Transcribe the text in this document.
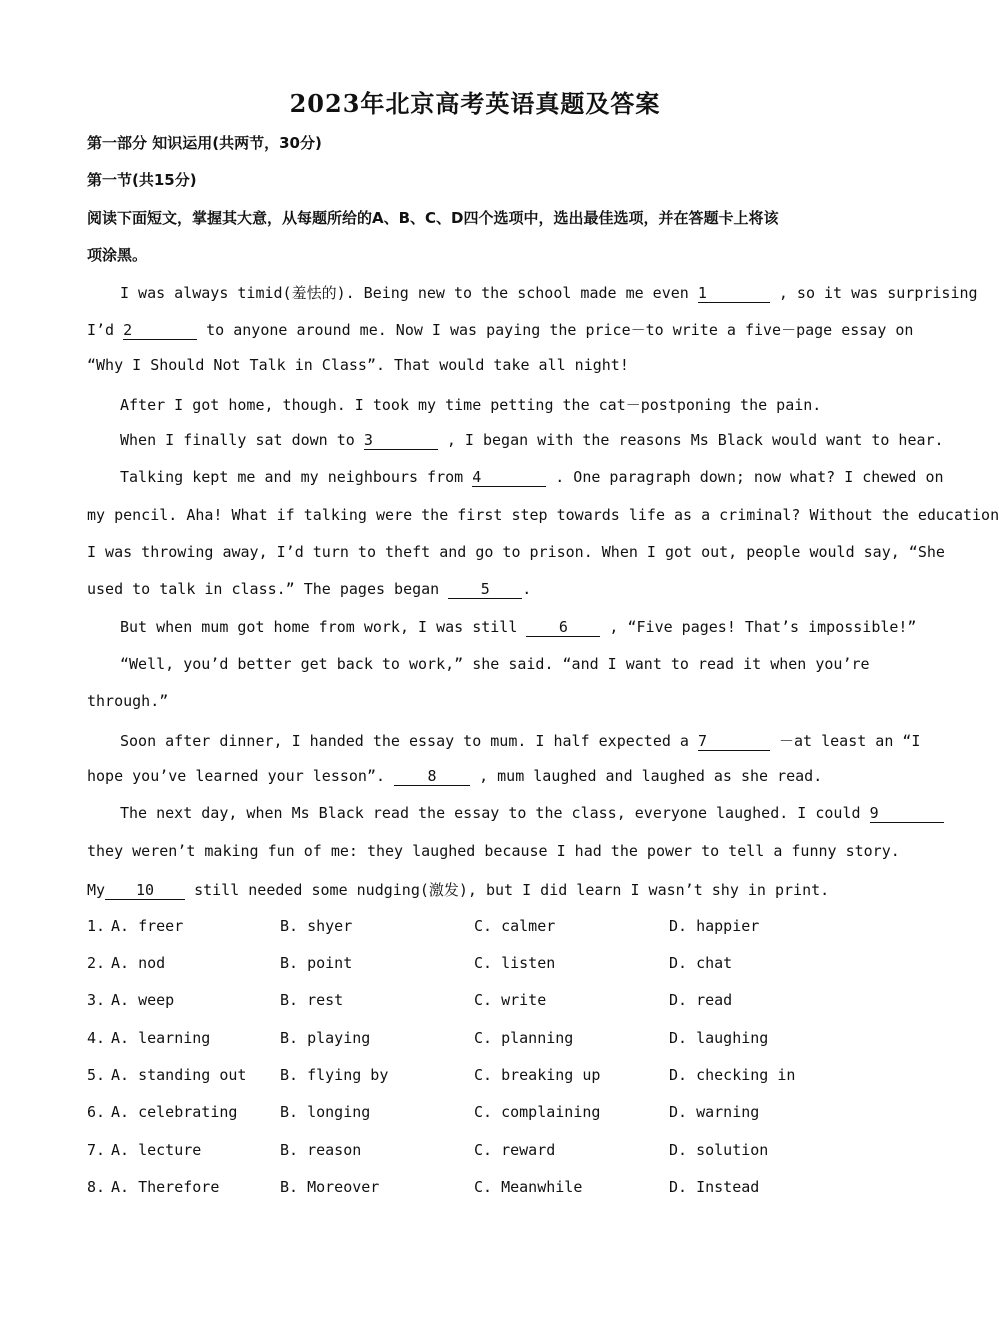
2023年北京高考英语真题及答案
第一部分 知识运用(共两节，30分)
第一节(共15分)
阅读下面短文，掌握其大意，从每题所给的A、B、C、D四个选项中，选出最佳选项，并在答题卡上将该
项涂黑。
I was always timid(羞怯的). Being new to the school made me even 1	, so it was surprising
I’d 2	to anyone around me. Now I was paying the price－to write a five－page essay on
“Why I Should Not Talk in Class”. That would take all night!
After I got home, though. I took my time petting the cat－postponing the pain.
When I finally sat down to 3	, I began with the reasons Ms Black would want to hear.
Talking kept me and my neighbours from 4	. One paragraph down; now what? I chewed on
my pencil. Aha! What if talking were the first step towards life as a criminal? Without the education
I was throwing away, I’d turn to theft and go to prison. When I got out, people would say, “She
used to talk in class.” The pages began	5 .
But when mum got home from work, I was still	6	, “Five pages! That’s impossible!”
“Well, you’d better get back to work,” she said. “and I want to read it when you’re
through.”
Soon after dinner, I handed the essay to mum. I half expected a 7	－at least an “I
hope you’ve learned your lesson”.	8	, mum laughed and laughed as she read.
The next day, when Ms Black read the essay to the class, everyone laughed. I could 9
they weren’t making fun of me: they laughed because I had the power to tell a funny story.
My 10	still needed some nudging(激发), but I did learn I wasn’t shy in print.
1. A. freer	B. shyer	C. calmer	D. happier
2. A. nod	B. point	C. listen	D. chat
3. A. weep	B. rest	C. write	D. read
4. A. learning	B. playing	C. planning	D. laughing
5. A. standing out B. flying by	C. breaking up	D. checking in
6. A. celebrating	B. longing	C. complaining	D. warning
7. A. lecture	B. reason	C. reward	D. solution
8. A. Therefore	B. Moreover	C. Meanwhile	D. Instead
